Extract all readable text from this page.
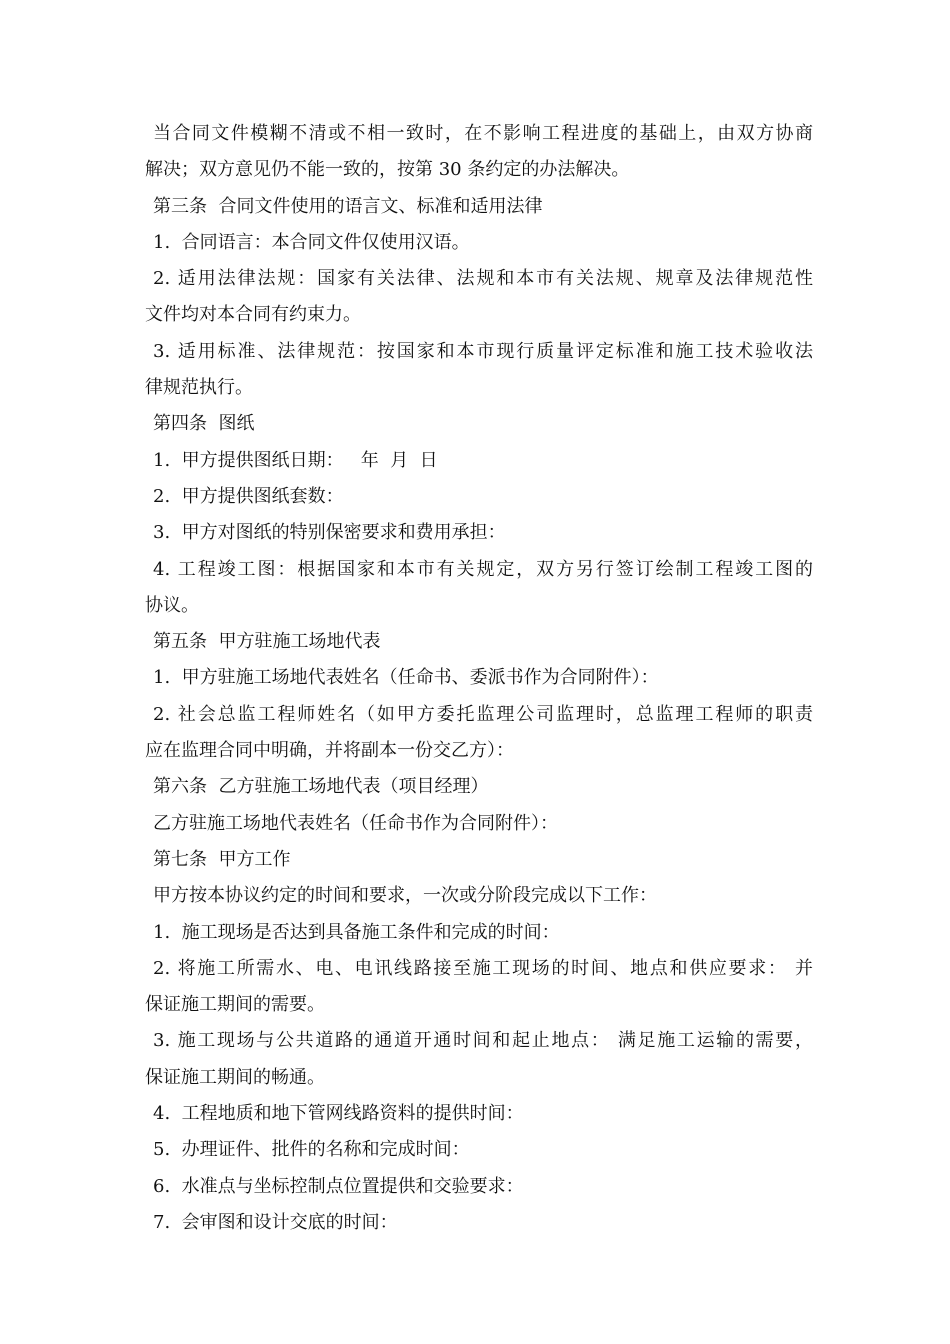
当合同文件模糊不清或不相一致时，在不影响工程进度的基础上，由双方协商
解决；双方意见仍不能一致的，按第 30 条约定的办法解决。
第三条  合同文件使用的语言文、标准和适用法律
1.  合同语言：本合同文件仅使用汉语。
2. 适用法律法规：国家有关法律、法规和本市有关法规、规章及法律规范性
文件均对本合同有约束力。
3. 适用标准、法律规范：按国家和本市现行质量评定标准和施工技术验收法
律规范执行。
第四条  图纸
1.  甲方提供图纸日期：   年  月  日
2.  甲方提供图纸套数：
3.  甲方对图纸的特别保密要求和费用承担：
4. 工程竣工图：根据国家和本市有关规定，双方另行签订绘制工程竣工图的
协议。
第五条  甲方驻施工场地代表
1.  甲方驻施工场地代表姓名（任命书、委派书作为合同附件）：
2. 社会总监工程师姓名（如甲方委托监理公司监理时，总监理工程师的职责
应在监理合同中明确，并将副本一份交乙方）：
第六条  乙方驻施工场地代表（项目经理）
乙方驻施工场地代表姓名（任命书作为合同附件）：
第七条  甲方工作
甲方按本协议约定的时间和要求，一次或分阶段完成以下工作：
1.  施工现场是否达到具备施工条件和完成的时间：
2. 将施工所需水、电、电讯线路接至施工现场的时间、地点和供应要求： 并
保证施工期间的需要。
3. 施工现场与公共道路的通道开通时间和起止地点： 满足施工运输的需要，
保证施工期间的畅通。
4.  工程地质和地下管网线路资料的提供时间：
5.  办理证件、批件的名称和完成时间：
6.  水准点与坐标控制点位置提供和交验要求：
7.  会审图和设计交底的时间：
